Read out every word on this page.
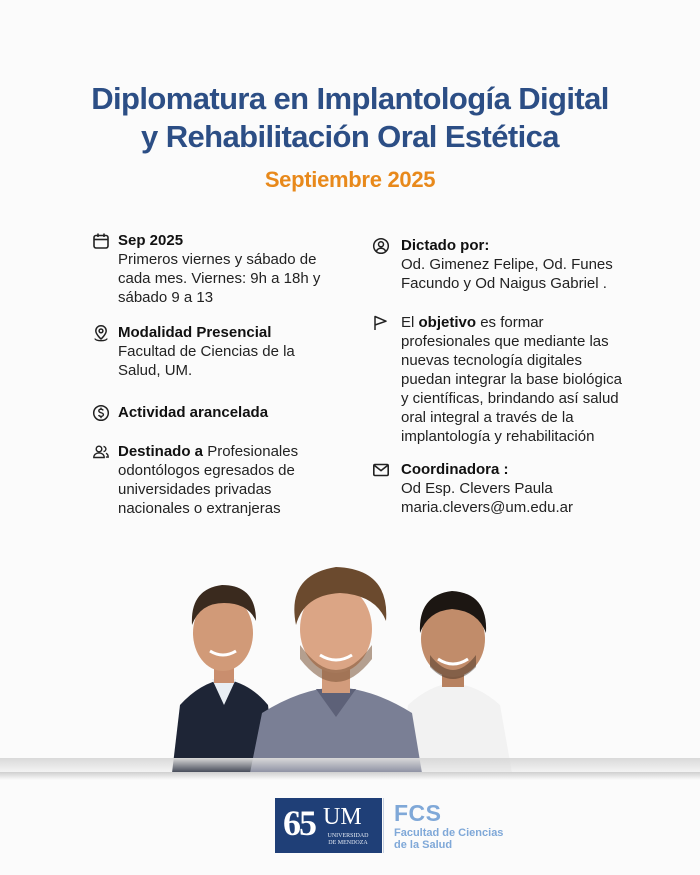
Diplomatura en Implantología Digital
y Rehabilitación Oral Estética
Septiembre 2025
Sep 2025
Primeros viernes y sábado de
cada mes. Viernes: 9h a 18h y
sábado 9 a 13
Modalidad Presencial
Facultad de Ciencias de la
Salud, UM.
Actividad arancelada
Destinado a Profesionales
odontólogos egresados de
universidades privadas
nacionales o extranjeras
Dictado por:
Od. Gimenez Felipe, Od. Funes
Facundo y Od Naigus Gabriel .
El objetivo es formar
profesionales que mediante las
nuevas tecnología digitales
puedan integrar la base biológica
y científicas, brindando así salud
oral integral a través de la
implantología y rehabilitación
Coordinadora :
Od Esp. Clevers Paula
maria.clevers@um.edu.ar
65 UM
UNIVERSIDAD
DE MENDOZA
FCS
Facultad de Ciencias
de la Salud
